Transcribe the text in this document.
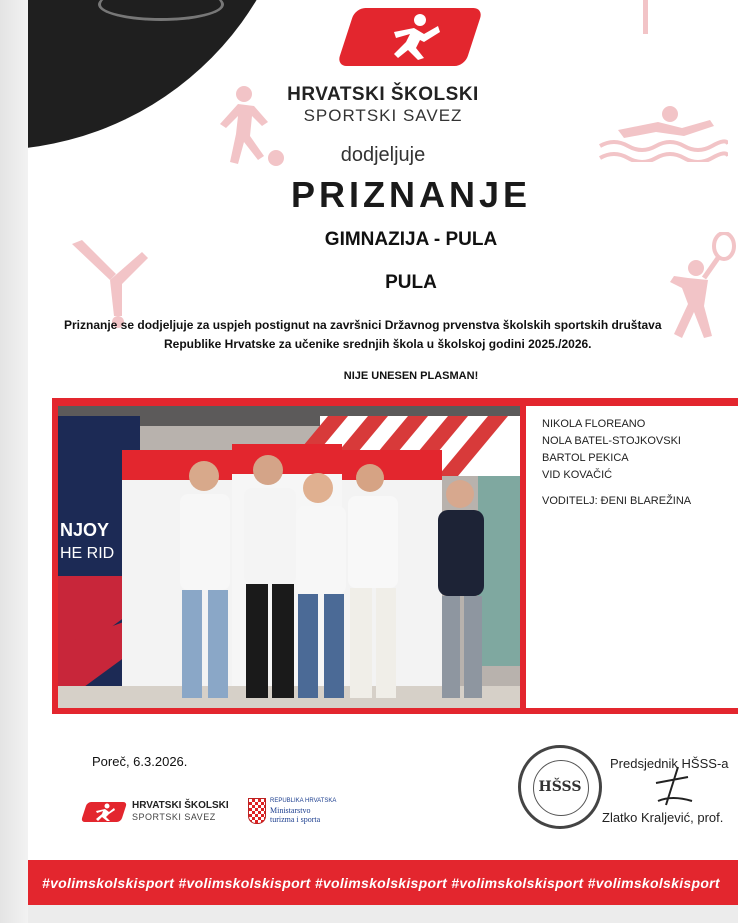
HRVATSKI ŠKOLSKI
SPORTSKI SAVEZ
dodjeljuje
PRIZNANJE
GIMNAZIJA - PULA
PULA
Priznanje se dodjeljuje za uspjeh postignut na završnici Državnog prvenstva školskih sportskih društava
Republike Hrvatske za učenike srednjih škola u školskoj godini 2025./2026.
NIJE UNESEN PLASMAN!
NJOY
HE RID
NIKOLA FLOREANO
NOLA BATEL-STOJKOVSKI
BARTOL PEKICA
VID KOVAČIĆ
VODITELJ: ĐENI BLAREŽINA
Poreč, 6.3.2026.
HŠSS
Predsjednik HŠSS-a
Zlatko Kraljević, prof.
HRVATSKI ŠKOLSKI
SPORTSKI SAVEZ
REPUBLIKA HRVATSKA
Ministarstvo
turizma i sporta
#volimskolskisport #volimskolskisport #volimskolskisport #volimskolskisport #volimskolskisport
